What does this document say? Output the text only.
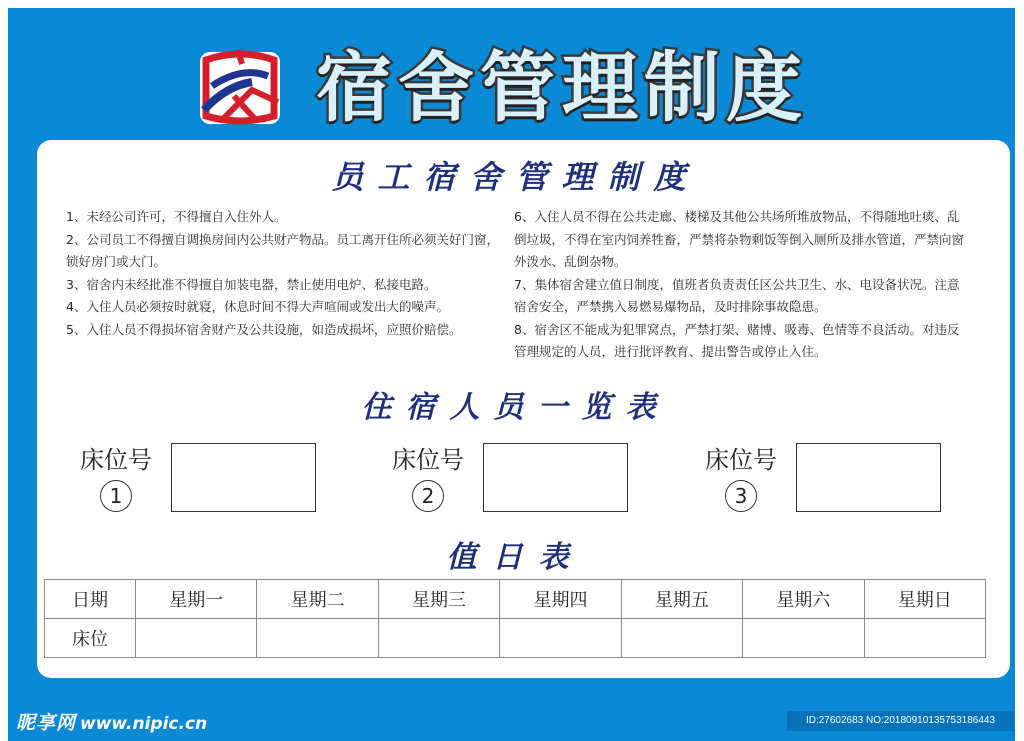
宿舍管理制度
员工宿舍管理制度

1、未经公司许可，不得擅自入住外人。

2、公司员工不得擅自调换房间内公共财产物品。员工离开住所必须关好门窗，锁好房门或大门。

3、宿舍内未经批准不得擅自加装电器，禁止使用电炉、私接电路。

4、入住人员必须按时就寝，休息时间不得大声喧闹或发出大的噪声。

5、入住人员不得损坏宿舍财产及公共设施，如造成损坏，应照价赔偿。

6、入住人员不得在公共走廊、楼梯及其他公共场所堆放物品，不得随地吐痰、乱倒垃圾，不得在室内饲养牲畜，严禁将杂物剩饭等倒入厕所及排水管道，严禁向窗外泼水、乱倒杂物。

7、集体宿舍建立值日制度，值班者负责责任区公共卫生、水、电设备状况。注意宿舍安全，严禁携入易燃易爆物品，及时排除事故隐患。

8、宿舍区不能成为犯罪窝点，严禁打架、赌博、吸毒、色情等不良活动。对违反管理规定的人员，进行批评教育、提出警告或停止入住。

住宿人员一览表
床位号
1
床位号
2
床位号
3
值日表
日期	星期一	星期二	星期三	星期四	星期五	星期六	星期日
床位							
昵享网 www.nipic.cn	ID:27602683 NO:20180910135753186443
